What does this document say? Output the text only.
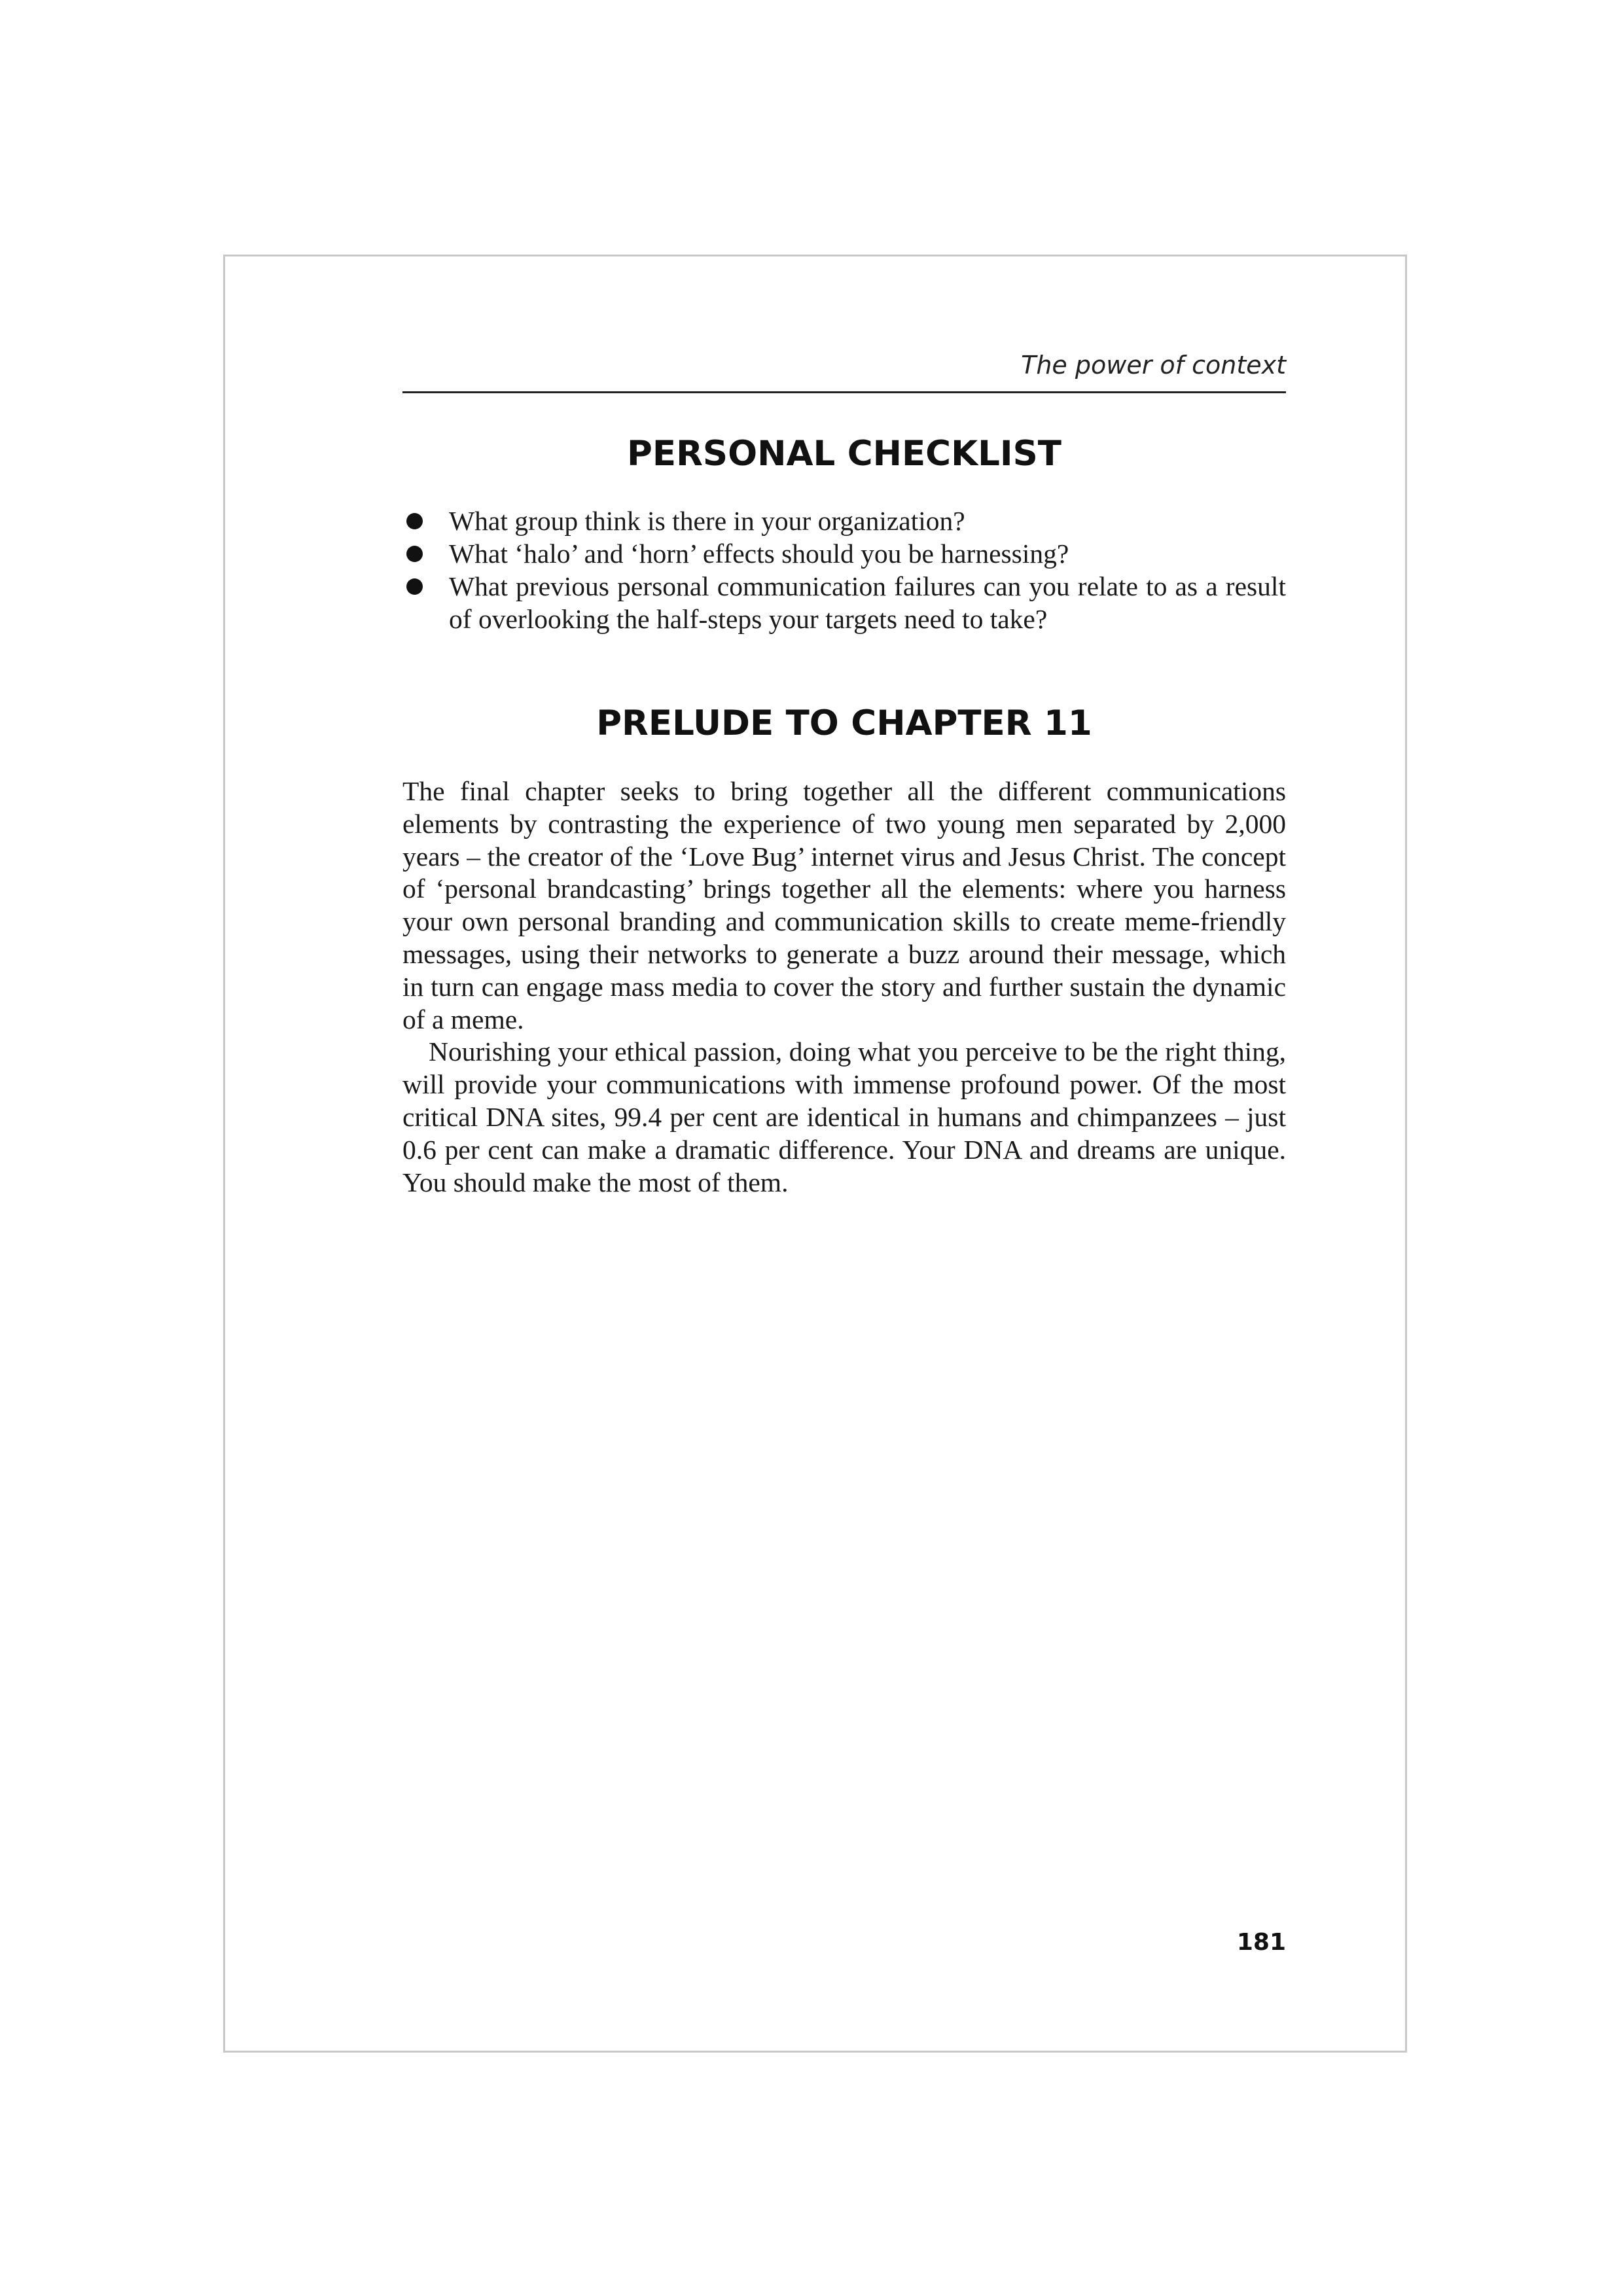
The power of context

PERSONAL CHECKLIST
What group think is there in your organization?
What ‘halo’ and ‘horn’ effects should you be harnessing?
What previous personal communication failures can you relate to as a result of overlooking the half-steps your targets need to take?
PRELUDE TO CHAPTER 11

The final chapter seeks to bring together all the different communications elements by contrasting the experience of two young men separated by 2,000 years – the creator of the ‘Love Bug’ internet virus and Jesus Christ. The concept of ‘personal brandcasting’ brings together all the elements: where you harness your own personal branding and communication skills to create meme-friendly messages, using their networks to generate a buzz around their message, which in turn can engage mass media to cover the story and further sustain the dynamic of a meme.

Nourishing your ethical passion, doing what you perceive to be the right thing, will provide your communications with immense profound power. Of the most critical DNA sites, 99.4 per cent are identical in humans and chimpanzees – just 0.6 per cent can make a dramatic difference. Your DNA and dreams are unique. You should make the most of them.

181
